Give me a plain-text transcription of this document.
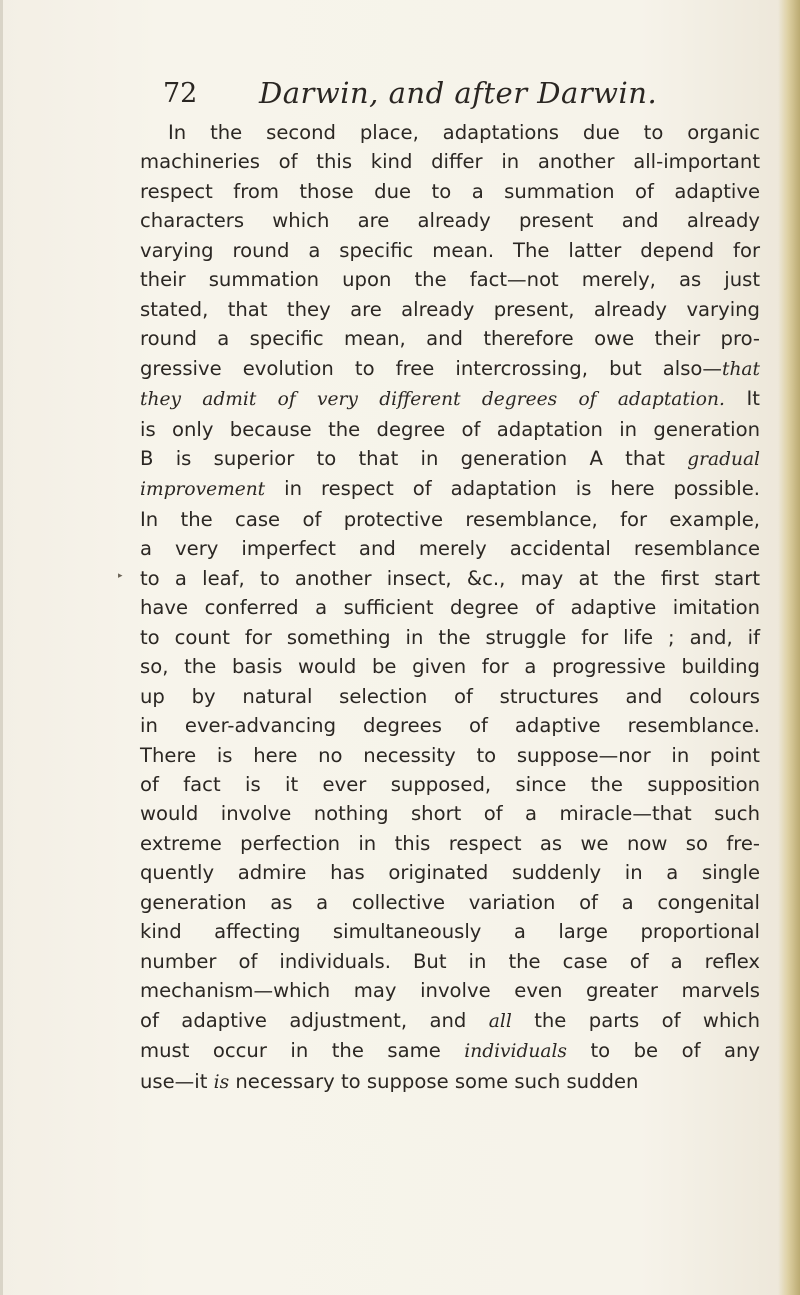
72 Darwin, and after Darwin.
▸
In the second place, adaptations due to organic
machineries of this kind differ in another all-important
respect from those due to a summation of adaptive
characters which are already present and already
varying round a specific mean. The latter depend for
their summation upon the fact—not merely, as just
stated, that they are already present, already varying
round a specific mean, and therefore owe their pro-
gressive evolution to free intercrossing, but also—that
they admit of very different degrees of adaptation. It
is only because the degree of adaptation in generation
B is superior to that in generation A that gradual
improvement in respect of adaptation is here possible.
In the case of protective resemblance, for example,
a very imperfect and merely accidental resemblance
to a leaf, to another insect, &c., may at the first start
have conferred a sufficient degree of adaptive imitation
to count for something in the struggle for life ; and, if
so, the basis would be given for a progressive building
up by natural selection of structures and colours
in ever-advancing degrees of adaptive resemblance.
There is here no necessity to suppose—nor in point
of fact is it ever supposed, since the supposition
would involve nothing short of a miracle—that such
extreme perfection in this respect as we now so fre-
quently admire has originated suddenly in a single
generation as a collective variation of a congenital
kind affecting simultaneously a large proportional
number of individuals. But in the case of a reflex
mechanism—which may involve even greater marvels
of adaptive adjustment, and all the parts of which
must occur in the same individuals to be of any
use—it is necessary to suppose some such sudden
